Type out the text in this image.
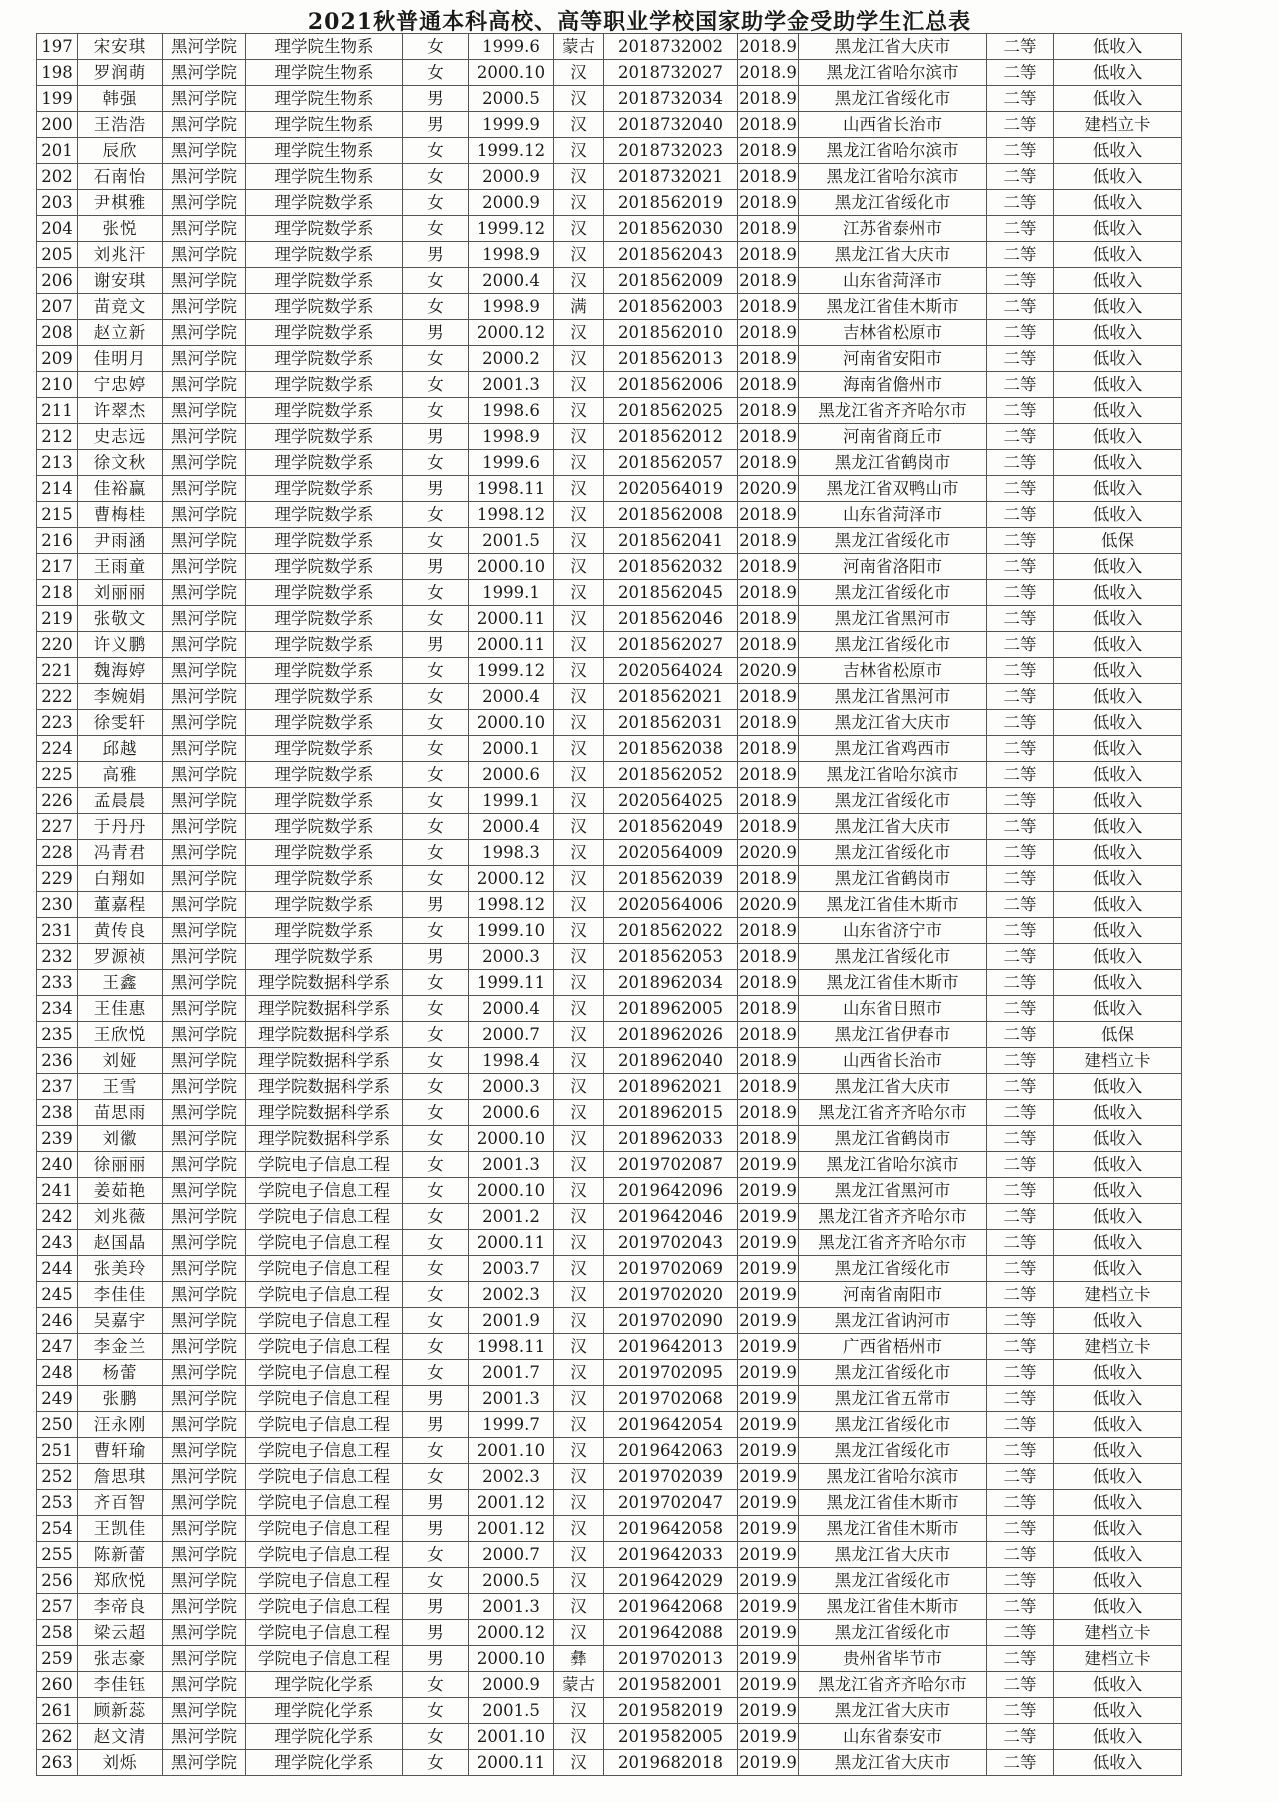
2021秋普通本科高校、高等职业学校国家助学金受助学生汇总表
197	宋安琪	黑河学院	理学院生物系	女	1999.6	蒙古	2018732002	2018.9	黑龙江省大庆市	二等	低收入
198	罗润萌	黑河学院	理学院生物系	女	2000.10	汉	2018732027	2018.9	黑龙江省哈尔滨市	二等	低收入
199	韩强	黑河学院	理学院生物系	男	2000.5	汉	2018732034	2018.9	黑龙江省绥化市	二等	低收入
200	王浩浩	黑河学院	理学院生物系	男	1999.9	汉	2018732040	2018.9	山西省长治市	二等	建档立卡
201	辰欣	黑河学院	理学院生物系	女	1999.12	汉	2018732023	2018.9	黑龙江省哈尔滨市	二等	低收入
202	石南怡	黑河学院	理学院生物系	女	2000.9	汉	2018732021	2018.9	黑龙江省哈尔滨市	二等	低收入
203	尹棋雅	黑河学院	理学院数学系	女	2000.9	汉	2018562019	2018.9	黑龙江省绥化市	二等	低收入
204	张悦	黑河学院	理学院数学系	女	1999.12	汉	2018562030	2018.9	江苏省泰州市	二等	低收入
205	刘兆汗	黑河学院	理学院数学系	男	1998.9	汉	2018562043	2018.9	黑龙江省大庆市	二等	低收入
206	谢安琪	黑河学院	理学院数学系	女	2000.4	汉	2018562009	2018.9	山东省菏泽市	二等	低收入
207	苗竞文	黑河学院	理学院数学系	女	1998.9	满	2018562003	2018.9	黑龙江省佳木斯市	二等	低收入
208	赵立新	黑河学院	理学院数学系	男	2000.12	汉	2018562010	2018.9	吉林省松原市	二等	低收入
209	佳明月	黑河学院	理学院数学系	女	2000.2	汉	2018562013	2018.9	河南省安阳市	二等	低收入
210	宁忠婷	黑河学院	理学院数学系	女	2001.3	汉	2018562006	2018.9	海南省儋州市	二等	低收入
211	许翠杰	黑河学院	理学院数学系	女	1998.6	汉	2018562025	2018.9	黑龙江省齐齐哈尔市	二等	低收入
212	史志远	黑河学院	理学院数学系	男	1998.9	汉	2018562012	2018.9	河南省商丘市	二等	低收入
213	徐文秋	黑河学院	理学院数学系	女	1999.6	汉	2018562057	2018.9	黑龙江省鹤岗市	二等	低收入
214	佳裕赢	黑河学院	理学院数学系	男	1998.11	汉	2020564019	2020.9	黑龙江省双鸭山市	二等	低收入
215	曹梅桂	黑河学院	理学院数学系	女	1998.12	汉	2018562008	2018.9	山东省菏泽市	二等	低收入
216	尹雨涵	黑河学院	理学院数学系	女	2001.5	汉	2018562041	2018.9	黑龙江省绥化市	二等	低保
217	王雨童	黑河学院	理学院数学系	男	2000.10	汉	2018562032	2018.9	河南省洛阳市	二等	低收入
218	刘丽丽	黑河学院	理学院数学系	女	1999.1	汉	2018562045	2018.9	黑龙江省绥化市	二等	低收入
219	张敬文	黑河学院	理学院数学系	女	2000.11	汉	2018562046	2018.9	黑龙江省黑河市	二等	低收入
220	许义鹏	黑河学院	理学院数学系	男	2000.11	汉	2018562027	2018.9	黑龙江省绥化市	二等	低收入
221	魏海婷	黑河学院	理学院数学系	女	1999.12	汉	2020564024	2020.9	吉林省松原市	二等	低收入
222	李婉娟	黑河学院	理学院数学系	女	2000.4	汉	2018562021	2018.9	黑龙江省黑河市	二等	低收入
223	徐雯轩	黑河学院	理学院数学系	女	2000.10	汉	2018562031	2018.9	黑龙江省大庆市	二等	低收入
224	邱越	黑河学院	理学院数学系	女	2000.1	汉	2018562038	2018.9	黑龙江省鸡西市	二等	低收入
225	高雅	黑河学院	理学院数学系	女	2000.6	汉	2018562052	2018.9	黑龙江省哈尔滨市	二等	低收入
226	孟晨晨	黑河学院	理学院数学系	女	1999.1	汉	2020564025	2018.9	黑龙江省绥化市	二等	低收入
227	于丹丹	黑河学院	理学院数学系	女	2000.4	汉	2018562049	2018.9	黑龙江省大庆市	二等	低收入
228	冯青君	黑河学院	理学院数学系	女	1998.3	汉	2020564009	2020.9	黑龙江省绥化市	二等	低收入
229	白翔如	黑河学院	理学院数学系	女	2000.12	汉	2018562039	2018.9	黑龙江省鹤岗市	二等	低收入
230	董嘉程	黑河学院	理学院数学系	男	1998.12	汉	2020564006	2020.9	黑龙江省佳木斯市	二等	低收入
231	黄传良	黑河学院	理学院数学系	女	1999.10	汉	2018562022	2018.9	山东省济宁市	二等	低收入
232	罗源祯	黑河学院	理学院数学系	男	2000.3	汉	2018562053	2018.9	黑龙江省绥化市	二等	低收入
233	王鑫	黑河学院	理学院数据科学系	女	1999.11	汉	2018962034	2018.9	黑龙江省佳木斯市	二等	低收入
234	王佳惠	黑河学院	理学院数据科学系	女	2000.4	汉	2018962005	2018.9	山东省日照市	二等	低收入
235	王欣悦	黑河学院	理学院数据科学系	女	2000.7	汉	2018962026	2018.9	黑龙江省伊春市	二等	低保
236	刘娅	黑河学院	理学院数据科学系	女	1998.4	汉	2018962040	2018.9	山西省长治市	二等	建档立卡
237	王雪	黑河学院	理学院数据科学系	女	2000.3	汉	2018962021	2018.9	黑龙江省大庆市	二等	低收入
238	苗思雨	黑河学院	理学院数据科学系	女	2000.6	汉	2018962015	2018.9	黑龙江省齐齐哈尔市	二等	低收入
239	刘徽	黑河学院	理学院数据科学系	女	2000.10	汉	2018962033	2018.9	黑龙江省鹤岗市	二等	低收入
240	徐丽丽	黑河学院	学院电子信息工程	女	2001.3	汉	2019702087	2019.9	黑龙江省哈尔滨市	二等	低收入
241	姜茹艳	黑河学院	学院电子信息工程	女	2000.10	汉	2019642096	2019.9	黑龙江省黑河市	二等	低收入
242	刘兆薇	黑河学院	学院电子信息工程	女	2001.2	汉	2019642046	2019.9	黑龙江省齐齐哈尔市	二等	低收入
243	赵国晶	黑河学院	学院电子信息工程	女	2000.11	汉	2019702043	2019.9	黑龙江省齐齐哈尔市	二等	低收入
244	张美玲	黑河学院	学院电子信息工程	女	2003.7	汉	2019702069	2019.9	黑龙江省绥化市	二等	低收入
245	李佳佳	黑河学院	学院电子信息工程	女	2002.3	汉	2019702020	2019.9	河南省南阳市	二等	建档立卡
246	吴嘉宇	黑河学院	学院电子信息工程	女	2001.9	汉	2019702090	2019.9	黑龙江省讷河市	二等	低收入
247	李金兰	黑河学院	学院电子信息工程	女	1998.11	汉	2019642013	2019.9	广西省梧州市	二等	建档立卡
248	杨蕾	黑河学院	学院电子信息工程	女	2001.7	汉	2019702095	2019.9	黑龙江省绥化市	二等	低收入
249	张鹏	黑河学院	学院电子信息工程	男	2001.3	汉	2019702068	2019.9	黑龙江省五常市	二等	低收入
250	汪永刚	黑河学院	学院电子信息工程	男	1999.7	汉	2019642054	2019.9	黑龙江省绥化市	二等	低收入
251	曹轩瑜	黑河学院	学院电子信息工程	女	2001.10	汉	2019642063	2019.9	黑龙江省绥化市	二等	低收入
252	詹思琪	黑河学院	学院电子信息工程	女	2002.3	汉	2019702039	2019.9	黑龙江省哈尔滨市	二等	低收入
253	齐百智	黑河学院	学院电子信息工程	男	2001.12	汉	2019702047	2019.9	黑龙江省佳木斯市	二等	低收入
254	王凯佳	黑河学院	学院电子信息工程	男	2001.12	汉	2019642058	2019.9	黑龙江省佳木斯市	二等	低收入
255	陈新蕾	黑河学院	学院电子信息工程	女	2000.7	汉	2019642033	2019.9	黑龙江省大庆市	二等	低收入
256	郑欣悦	黑河学院	学院电子信息工程	女	2000.5	汉	2019642029	2019.9	黑龙江省绥化市	二等	低收入
257	李帝良	黑河学院	学院电子信息工程	男	2001.3	汉	2019642068	2019.9	黑龙江省佳木斯市	二等	低收入
258	梁云超	黑河学院	学院电子信息工程	男	2000.12	汉	2019642088	2019.9	黑龙江省绥化市	二等	建档立卡
259	张志豪	黑河学院	学院电子信息工程	男	2000.10	彝	2019702013	2019.9	贵州省毕节市	二等	建档立卡
260	李佳钰	黑河学院	理学院化学系	女	2000.9	蒙古	2019582001	2019.9	黑龙江省齐齐哈尔市	二等	低收入
261	顾新蕊	黑河学院	理学院化学系	女	2001.5	汉	2019582019	2019.9	黑龙江省大庆市	二等	低收入
262	赵文清	黑河学院	理学院化学系	女	2001.10	汉	2019582005	2019.9	山东省泰安市	二等	低收入
263	刘烁	黑河学院	理学院化学系	女	2000.11	汉	2019682018	2019.9	黑龙江省大庆市	二等	低收入
